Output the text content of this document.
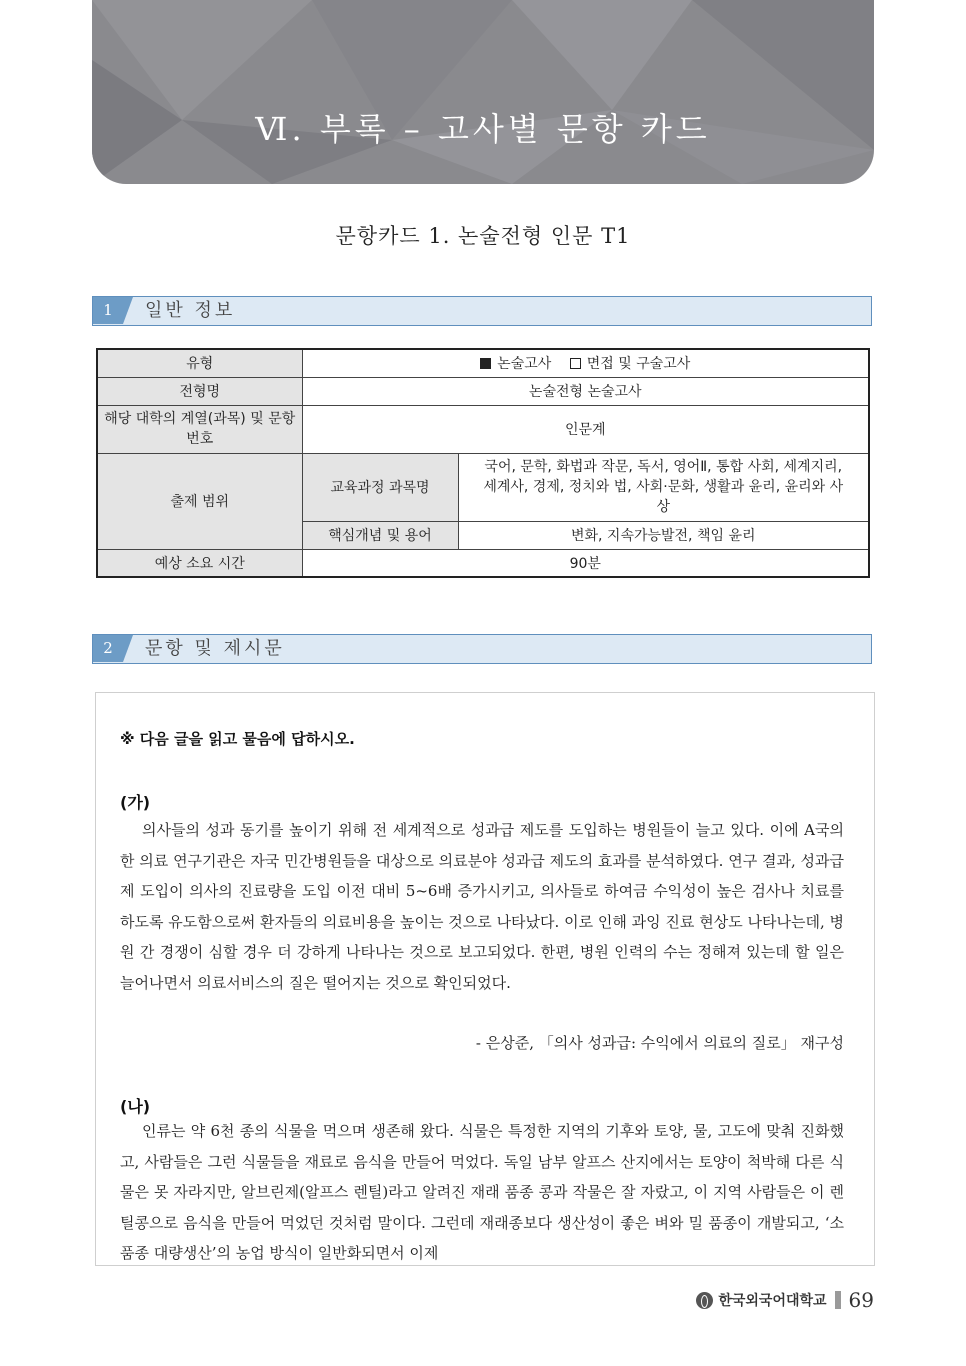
Ⅵ. 부록 – 고사별 문항 카드
문항카드 1. 논술전형 인문 T1
1	일반 정보
유형	논술고사 면접 및 구술고사	
전형명	논술전형 논술고사	
해당 대학의 계열(과목) 및 문항번호	인문계	
출제 범위	교육과정 과목명	국어, 문학, 화법과 작문, 독서, 영어Ⅱ, 통합 사회, 세계지리, 세계사, 경제, 정치와 법, 사회·문화, 생활과 윤리, 윤리와 사상
	핵심개념 및 용어	변화, 지속가능발전, 책임 윤리
예상 소요 시간	90분	
2	문항 및 제시문
※ 다음 글을 읽고 물음에 답하시오.
(가)

의사들의 성과 동기를 높이기 위해 전 세계적으로 성과급 제도를 도입하는 병원들이 늘고 있다. 이에 A국의 한 의료 연구기관은 자국 민간병원들을 대상으로 의료분야 성과급 제도의 효과를 분석하였다. 연구 결과, 성과급제 도입이 의사의 진료량을 도입 이전 대비 5~6배 증가시키고, 의사들로 하여금 수익성이 높은 검사나 치료를 하도록 유도함으로써 환자들의 의료비용을 높이는 것으로 나타났다. 이로 인해 과잉 진료 현상도 나타나는데, 병원 간 경쟁이 심할 경우 더 강하게 나타나는 것으로 보고되었다. 한편, 병원 인력의 수는 정해져 있는데 할 일은 늘어나면서 의료서비스의 질은 떨어지는 것으로 확인되었다.

- 은상준, 「의사 성과급: 수익에서 의료의 질로」 재구성
(나)

인류는 약 6천 종의 식물을 먹으며 생존해 왔다. 식물은 특정한 지역의 기후와 토양, 물, 고도에 맞춰 진화했고, 사람들은 그런 식물들을 재료로 음식을 만들어 먹었다. 독일 남부 알프스 산지에서는 토양이 척박해 다른 식물은 못 자라지만, 알브린제(알프스 렌틸)라고 알려진 재래 품종 콩과 작물은 잘 자랐고, 이 지역 사람들은 이 렌틸콩으로 음식을 만들어 먹었던 것처럼 말이다. 그런데 재래종보다 생산성이 좋은 벼와 밀 품종이 개발되고, ‘소품종 대량생산’의 농업 방식이 일반화되면서 이제

한국외국어대학교 69
